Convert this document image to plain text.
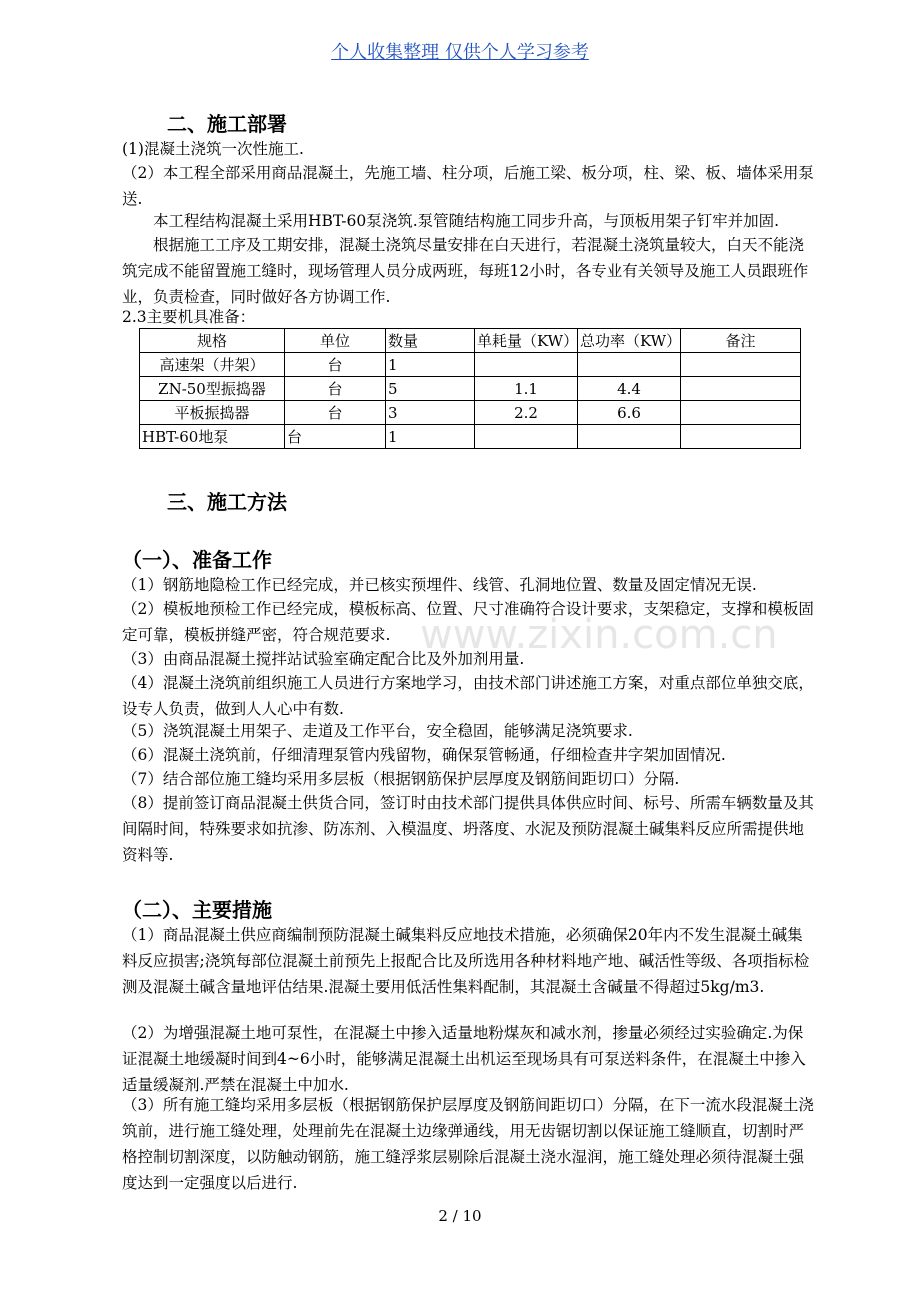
个人收集整理 仅供个人学习参考
www.zixin.com.cn
二、施工部署
(1)混凝土浇筑一次性施工.
（2）本工程全部采用商品混凝土，先施工墙、柱分项，后施工梁、板分项，柱、梁、板、墙体采用泵送.
本工程结构混凝土采用HBT-60泵浇筑.泵管随结构施工同步升高，与顶板用架子钉牢并加固.
根据施工工序及工期安排，混凝土浇筑尽量安排在白天进行，若混凝土浇筑量较大，白天不能浇筑完成不能留置施工缝时，现场管理人员分成两班，每班12小时，各专业有关领导及施工人员跟班作业，负责检查，同时做好各方协调工作.
2.3主要机具准备：
规格	单位	数量	单耗量（KW）	总功率（KW）	备注
高速架（井架）	台	1			
ZN-50型振捣器	台	5	1.1	4.4	
平板振捣器	台	3	2.2	6.6	
HBT-60地泵	台	1			
三、施工方法
（一）、准备工作
（1）钢筋地隐检工作已经完成，并已核实预埋件、线管、孔洞地位置、数量及固定情况无误.
（2）模板地预检工作已经完成，模板标高、位置、尺寸准确符合设计要求，支架稳定，支撑和模板固定可靠，模板拼缝严密，符合规范要求.
（3）由商品混凝土搅拌站试验室确定配合比及外加剂用量.
（4）混凝土浇筑前组织施工人员进行方案地学习，由技术部门讲述施工方案，对重点部位单独交底，设专人负责，做到人人心中有数.
（5）浇筑混凝土用架子、走道及工作平台，安全稳固，能够满足浇筑要求.
（6）混凝土浇筑前，仔细清理泵管内残留物，确保泵管畅通，仔细检查井字架加固情况.
（7）结合部位施工缝均采用多层板（根据钢筋保护层厚度及钢筋间距切口）分隔.
（8）提前签订商品混凝土供货合同，签订时由技术部门提供具体供应时间、标号、所需车辆数量及其间隔时间，特殊要求如抗渗、防冻剂、入模温度、坍落度、水泥及预防混凝土碱集料反应所需提供地资料等.
（二）、主要措施
（1）商品混凝土供应商编制预防混凝土碱集料反应地技术措施，必须确保20年内不发生混凝土碱集料反应损害;浇筑每部位混凝土前预先上报配合比及所选用各种材料地产地、碱活性等级、各项指标检测及混凝土碱含量地评估结果.混凝土要用低活性集料配制，其混凝土含碱量不得超过5kg/m3.
（2）为增强混凝土地可泵性，在混凝土中掺入适量地粉煤灰和减水剂，掺量必须经过实验确定.为保证混凝土地缓凝时间到4~6小时，能够满足混凝土出机运至现场具有可泵送料条件，在混凝土中掺入适量缓凝剂.严禁在混凝土中加水.
（3）所有施工缝均采用多层板（根据钢筋保护层厚度及钢筋间距切口）分隔，在下一流水段混凝土浇筑前，进行施工缝处理，处理前先在混凝土边缘弹通线，用无齿锯切割以保证施工缝顺直，切割时严格控制切割深度，以防触动钢筋，施工缝浮浆层剔除后混凝土浇水湿润，施工缝处理必须待混凝土强度达到一定强度以后进行.
2 / 10
